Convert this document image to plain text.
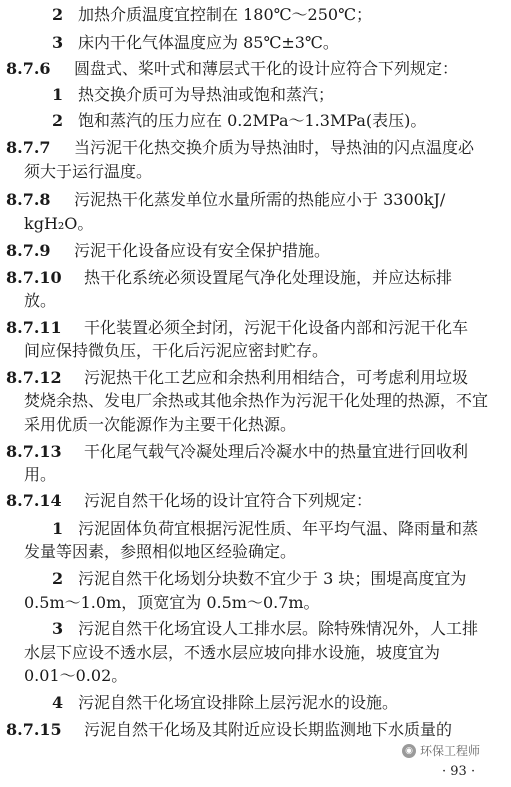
2 加热介质温度宜控制在 180℃～250℃；
3 床内干化气体温度应为 85℃±3℃。
8.7.6 圆盘式、桨叶式和薄层式干化的设计应符合下列规定：
1 热交换介质可为导热油或饱和蒸汽；
2 饱和蒸汽的压力应在 0.2MPa～1.3MPa(表压)。
8.7.7 当污泥干化热交换介质为导热油时，导热油的闪点温度必
须大于运行温度。
8.7.8 污泥热干化蒸发单位水量所需的热能应小于 3300kJ/
kgH₂O。
8.7.9 污泥干化设备应设有安全保护措施。
8.7.10 热干化系统必须设置尾气净化处理设施，并应达标排
放。
8.7.11 干化装置必须全封闭，污泥干化设备内部和污泥干化车
间应保持微负压，干化后污泥应密封贮存。
8.7.12 污泥热干化工艺应和余热利用相结合，可考虑利用垃圾
焚烧余热、发电厂余热或其他余热作为污泥干化处理的热源，不宜
采用优质一次能源作为主要干化热源。
8.7.13 干化尾气载气冷凝处理后冷凝水中的热量宜进行回收利
用。
8.7.14 污泥自然干化场的设计宜符合下列规定：
1 污泥固体负荷宜根据污泥性质、年平均气温、降雨量和蒸
发量等因素，参照相似地区经验确定。
2 污泥自然干化场划分块数不宜少于 3 块；围堤高度宜为
0.5m～1.0m，顶宽宜为 0.5m～0.7m。
3 污泥自然干化场宜设人工排水层。除特殊情况外，人工排
水层下应设不透水层，不透水层应坡向排水设施，坡度宜为
0.01～0.02。
4 污泥自然干化场宜设排除上层污泥水的设施。
8.7.15 污泥自然干化场及其附近应设长期监测地下水质量的
◉ 环保工程师
· 93 ·
